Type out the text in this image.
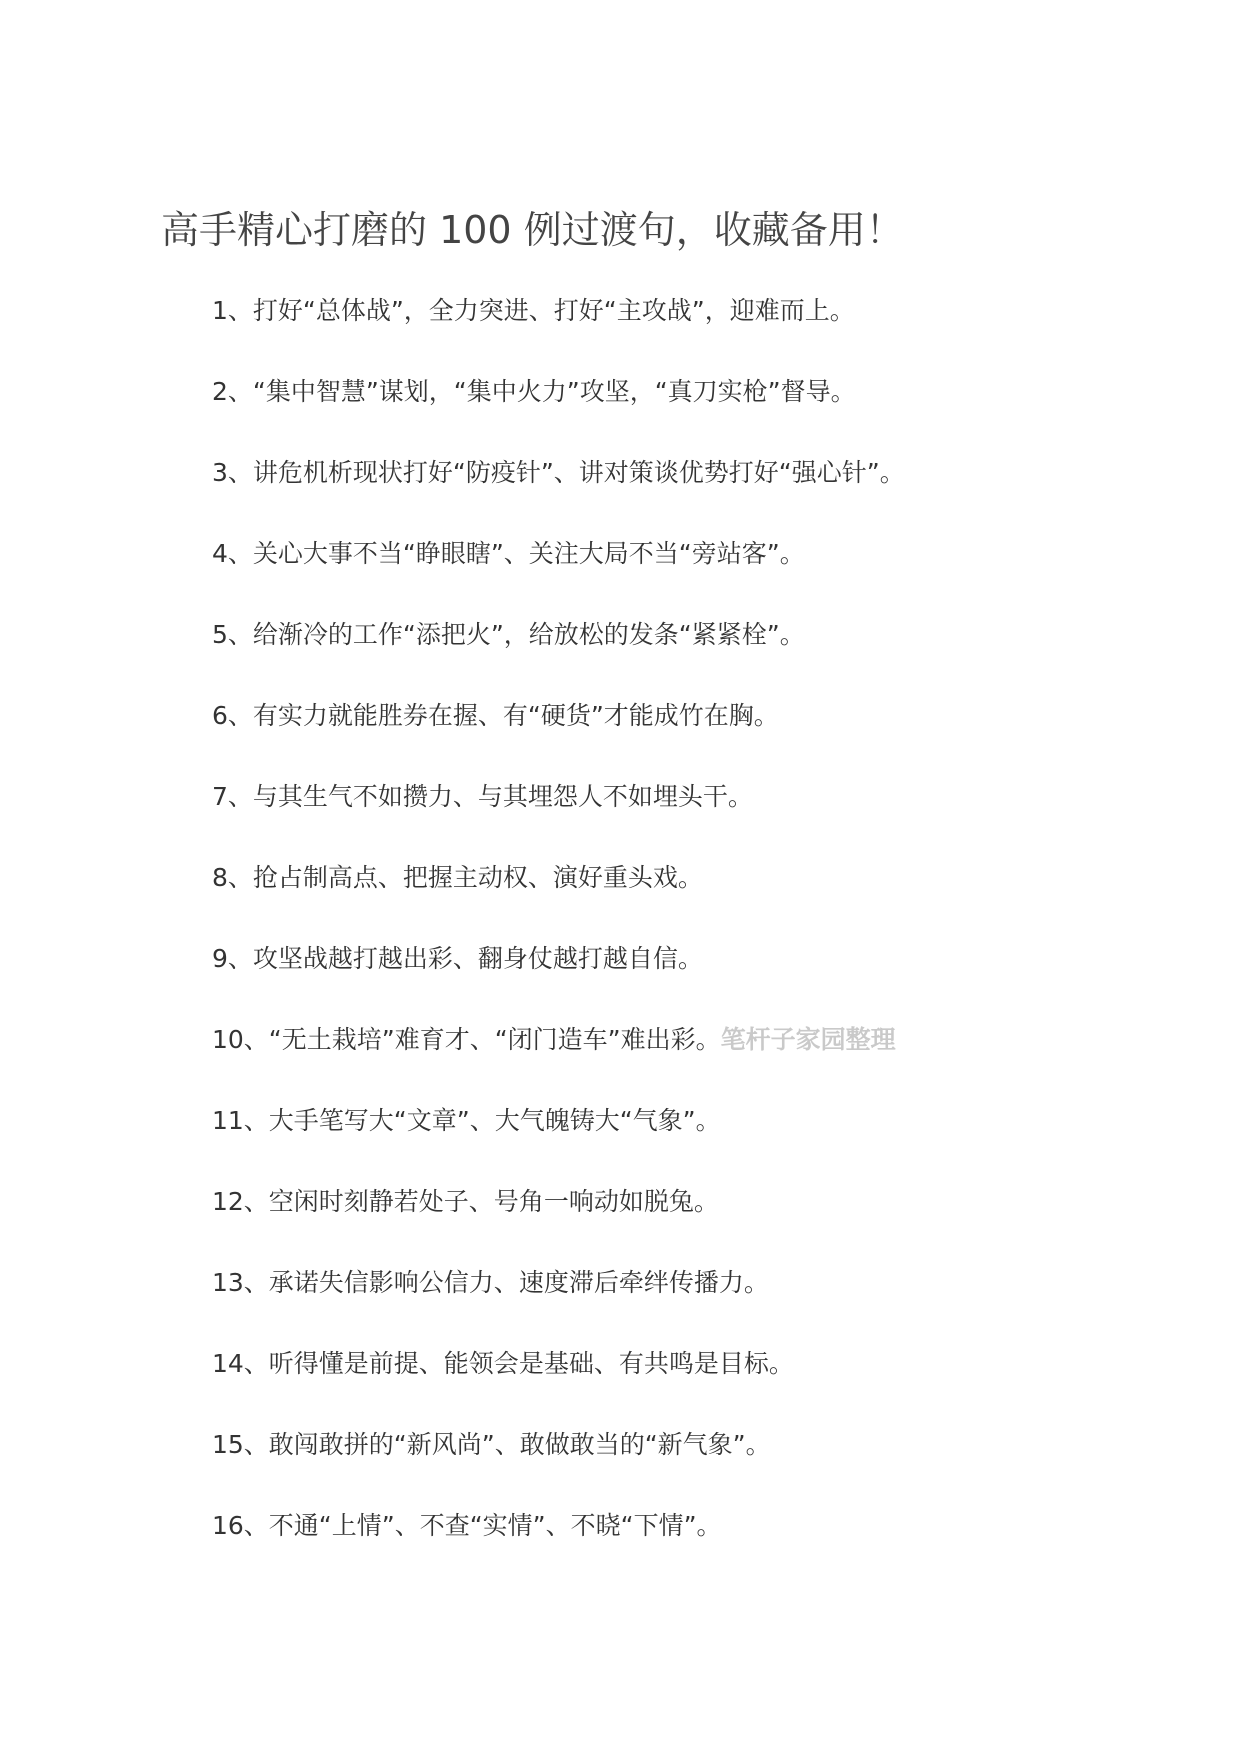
高手精心打磨的 100 例过渡句，收藏备用！
1、打好“总体战”，全力突进、打好“主攻战”，迎难而上。
2、“集中智慧”谋划，“集中火力”攻坚，“真刀实枪”督导。
3、讲危机析现状打好“防疫针”、讲对策谈优势打好“强心针”。
4、关心大事不当“睁眼瞎”、关注大局不当“旁站客”。
5、给渐冷的工作“添把火”，给放松的发条“紧紧栓”。
6、有实力就能胜券在握、有“硬货”才能成竹在胸。
7、与其生气不如攒力、与其埋怨人不如埋头干。
8、抢占制高点、把握主动权、演好重头戏。
9、攻坚战越打越出彩、翻身仗越打越自信。
10、“无土栽培”难育才、“闭门造车”难出彩。笔杆子家园整理
11、大手笔写大“文章”、大气魄铸大“气象”。
12、空闲时刻静若处子、号角一响动如脱兔。
13、承诺失信影响公信力、速度滞后牵绊传播力。
14、听得懂是前提、能领会是基础、有共鸣是目标。
15、敢闯敢拼的“新风尚”、敢做敢当的“新气象”。
16、不通“上情”、不查“实情”、不晓“下情”。
